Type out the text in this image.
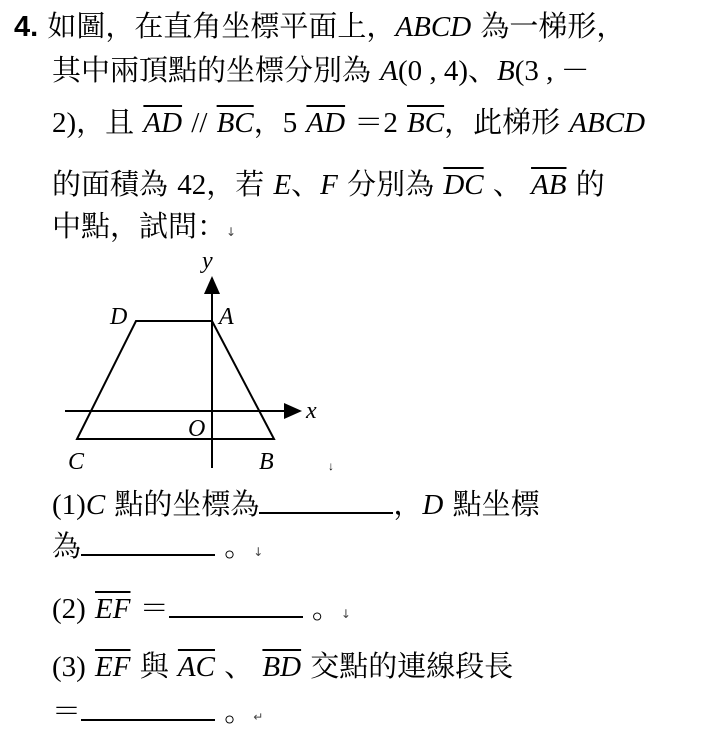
4. 如圖，在直角坐標平面上，ABCD 為一梯形，
其中兩頂點的坐標分別為 A(0 , 4)、B(3 , －
2)，且 $\overline{AD} // \overline{BC}$，5 $\overline{AD} =2$ $\overline{BC}$，此梯形 ABCD
的面積為 42，若 E、F 分別為 $\overline{DC}$ 、 $\overline{AB}$ 的
中點，試問：↓
y
x
D	A
O
C	B	↓
(1)C 點的坐標為	，D 點坐標
為	。↓
(2) $\overline{EF}$ ＝	。↓
(3) $\overline{EF}$ 與 $\overline{AC}$ 、 $\overline{BD}$ 交點的連線段長
＝	。↵
